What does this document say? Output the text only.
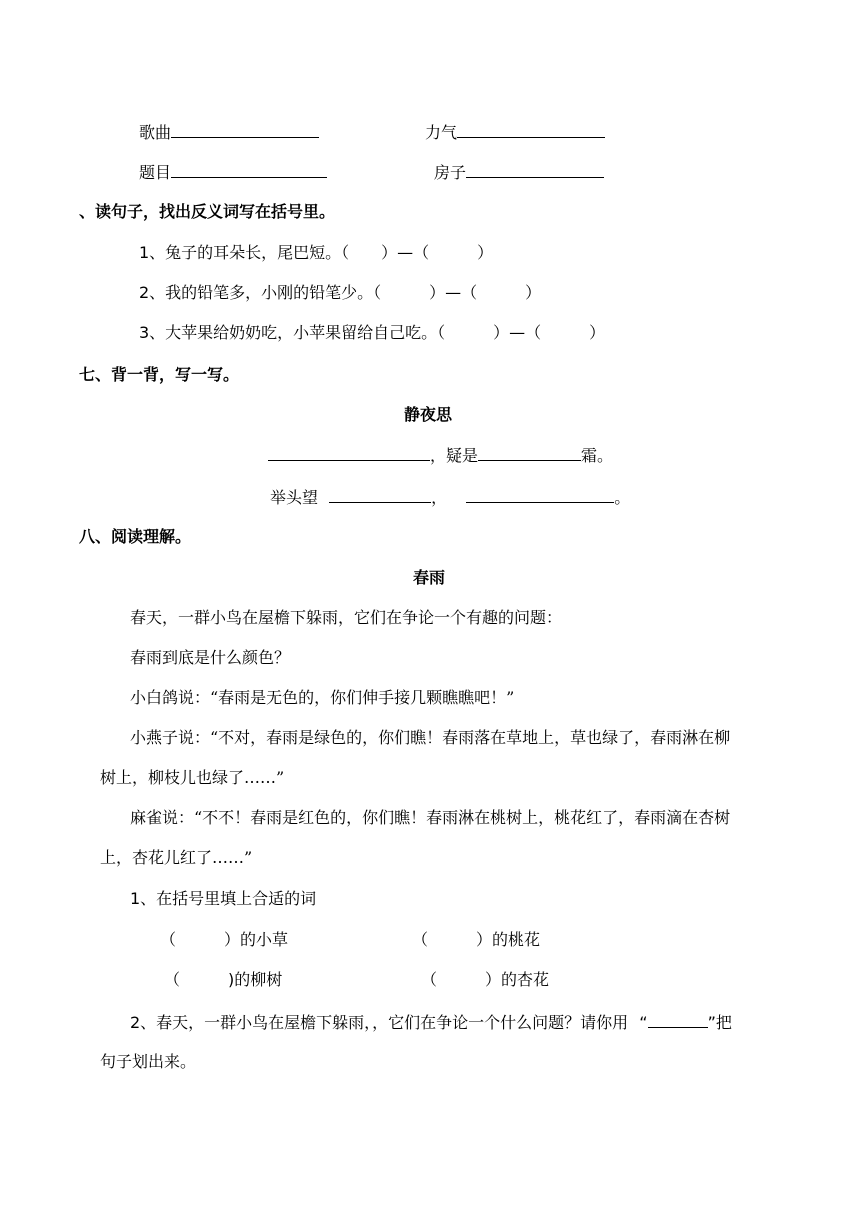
歌曲	力气
题目	房子
、读句子，找出反义词写在括号里。
1、兔子的耳朵长，尾巴短。（　　）—（　　　）
2、我的铅笔多，小刚的铅笔少。（　　　）—（　　　）
3、大苹果给奶奶吃，小苹果留给自己吃。（　　　）—（　　　）
七、背一背，写一写。
静夜思
，疑是	霜。
举头望	，	。
八、阅读理解。
春雨
春天，一群小鸟在屋檐下躲雨，它们在争论一个有趣的问题：
春雨到底是什么颜色？
小白鸽说：“春雨是无色的，你们伸手接几颗瞧瞧吧！”
小燕子说：“不对，春雨是绿色的，你们瞧！春雨落在草地上，草也绿了，春雨淋在柳
树上，柳枝儿也绿了……”
麻雀说：“不不！春雨是红色的，你们瞧！春雨淋在桃树上，桃花红了，春雨滴在杏树
上，杏花儿红了……”
1、在括号里填上合适的词
（　　　）的小草	（　　　）的桃花
（　　　)的柳树	（　　　）的杏花
2、春天，一群小鸟在屋檐下躲雨，，它们在争论一个什么问题？请你用 “	”把
句子划出来。
